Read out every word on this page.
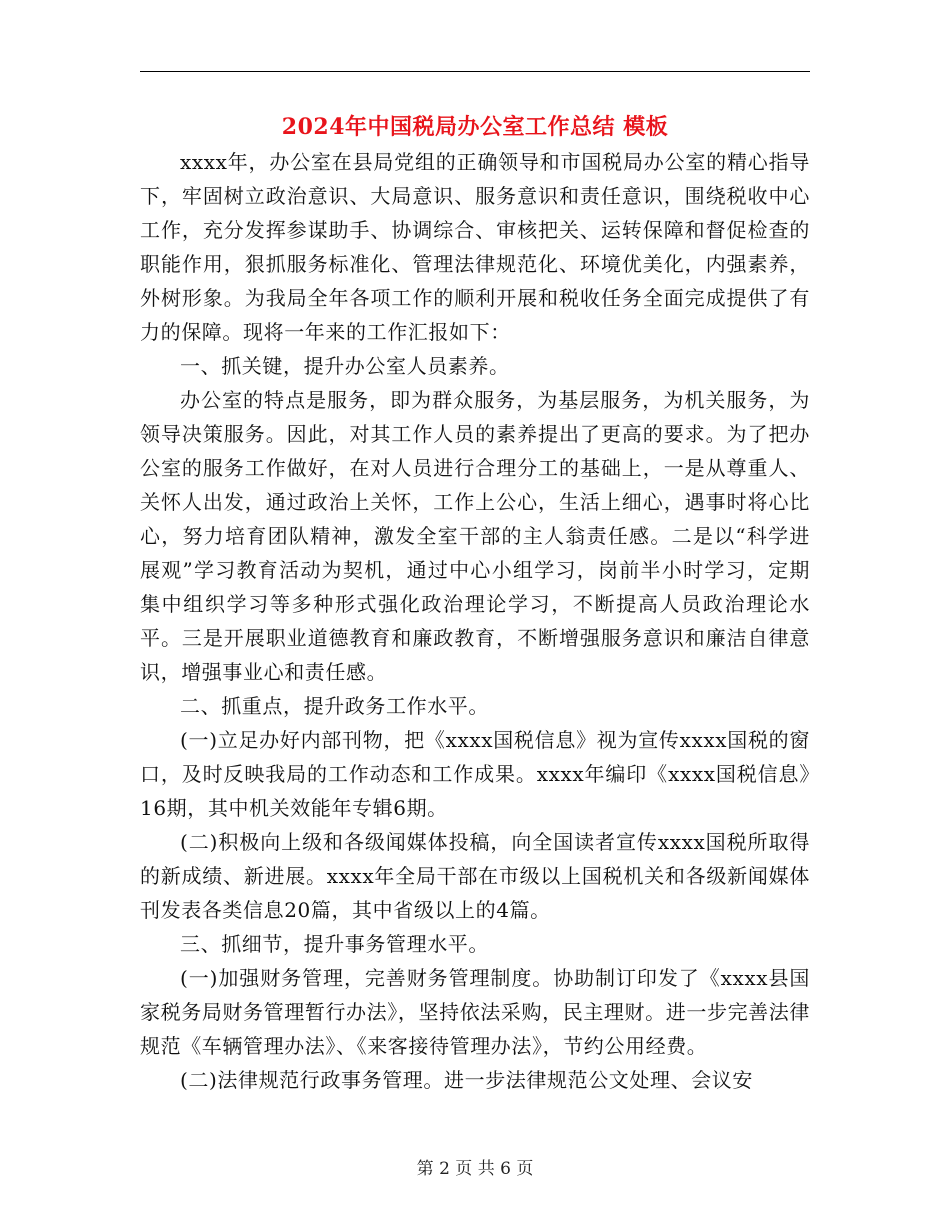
2024年中国税局办公室工作总结 模板

xxxx年，办公室在县局党组的正确领导和市国税局办公室的精心指导下，牢固树立政治意识、大局意识、服务意识和责任意识，围绕税收中心工作，充分发挥参谋助手、协调综合、审核把关、运转保障和督促检查的职能作用，狠抓服务标准化、管理法律规范化、环境优美化，内强素养，外树形象。为我局全年各项工作的顺利开展和税收任务全面完成提供了有力的保障。现将一年来的工作汇报如下：

一、抓关键，提升办公室人员素养。

办公室的特点是服务，即为群众服务，为基层服务，为机关服务，为领导决策服务。因此，对其工作人员的素养提出了更高的要求。为了把办公室的服务工作做好，在对人员进行合理分工的基础上，一是从尊重人、关怀人出发，通过政治上关怀，工作上公心，生活上细心，遇事时将心比心，努力培育团队精神，激发全室干部的主人翁责任感。二是以“科学进展观”学习教育活动为契机，通过中心小组学习，岗前半小时学习，定期集中组织学习等多种形式强化政治理论学习，不断提高人员政治理论水平。三是开展职业道德教育和廉政教育，不断增强服务意识和廉洁自律意识，增强事业心和责任感。

二、抓重点，提升政务工作水平。

(一)立足办好内部刊物，把《xxxx国税信息》视为宣传xxxx国税的窗口，及时反映我局的工作动态和工作成果。xxxx年编印《xxxx国税信息》16期，其中机关效能年专辑6期。

(二)积极向上级和各级闻媒体投稿，向全国读者宣传xxxx国税所取得的新成绩、新进展。xxxx年全局干部在市级以上国税机关和各级新闻媒体刊发表各类信息20篇，其中省级以上的4篇。

三、抓细节，提升事务管理水平。

(一)加强财务管理，完善财务管理制度。协助制订印发了《xxxx县国家税务局财务管理暂行办法》，坚持依法采购，民主理财。进一步完善法律规范《车辆管理办法》、《来客接待管理办法》，节约公用经费。

(二)法律规范行政事务管理。进一步法律规范公文处理、会议安

第 2 页 共 6 页
